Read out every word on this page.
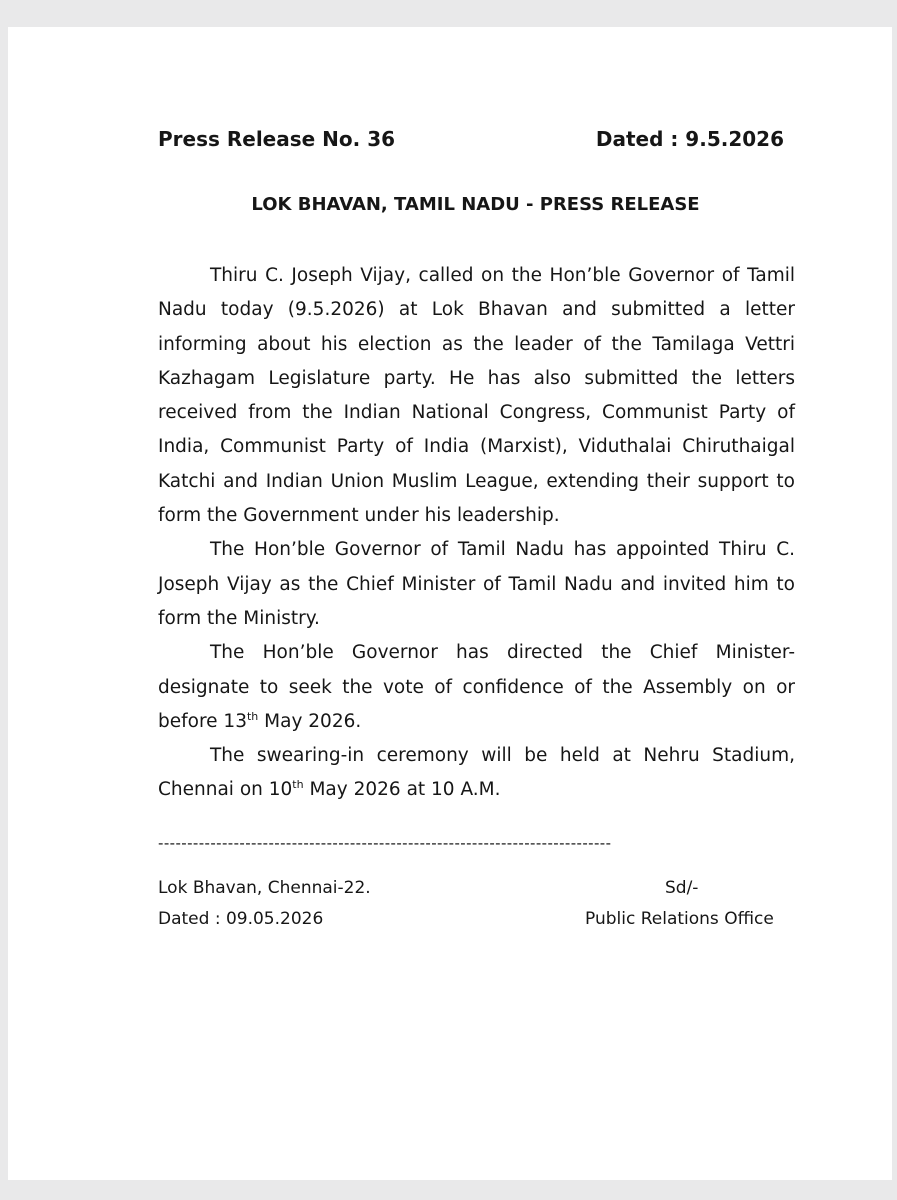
Press Release No. 36	Dated : 9.5.2026
LOK BHAVAN, TAMIL NADU - PRESS RELEASE

Thiru C. Joseph Vijay, called on the Hon’ble Governor of Tamil Nadu today (9.5.2026) at Lok Bhavan and submitted a letter informing about his election as the leader of the Tamilaga Vettri Kazhagam Legislature party. He has also submitted the letters received from the Indian National Congress, Communist Party of India, Communist Party of India (Marxist), Viduthalai Chiruthaigal Katchi and Indian Union Muslim League, extending their support to form the Government under his leadership.

The Hon’ble Governor of Tamil Nadu has appointed Thiru C. Joseph Vijay as the Chief Minister of Tamil Nadu and invited him to form the Ministry.

The Hon’ble Governor has directed the Chief Minister-designate to seek the vote of confidence of the Assembly on or before 13th May 2026.

The swearing-in ceremony will be held at Nehru Stadium, Chennai on 10th May 2026 at 10 A.M.

------------------------------------------------------------------------------
Lok Bhavan, Chennai-22.
Dated : 09.05.2026
Sd/-
Public Relations Office
